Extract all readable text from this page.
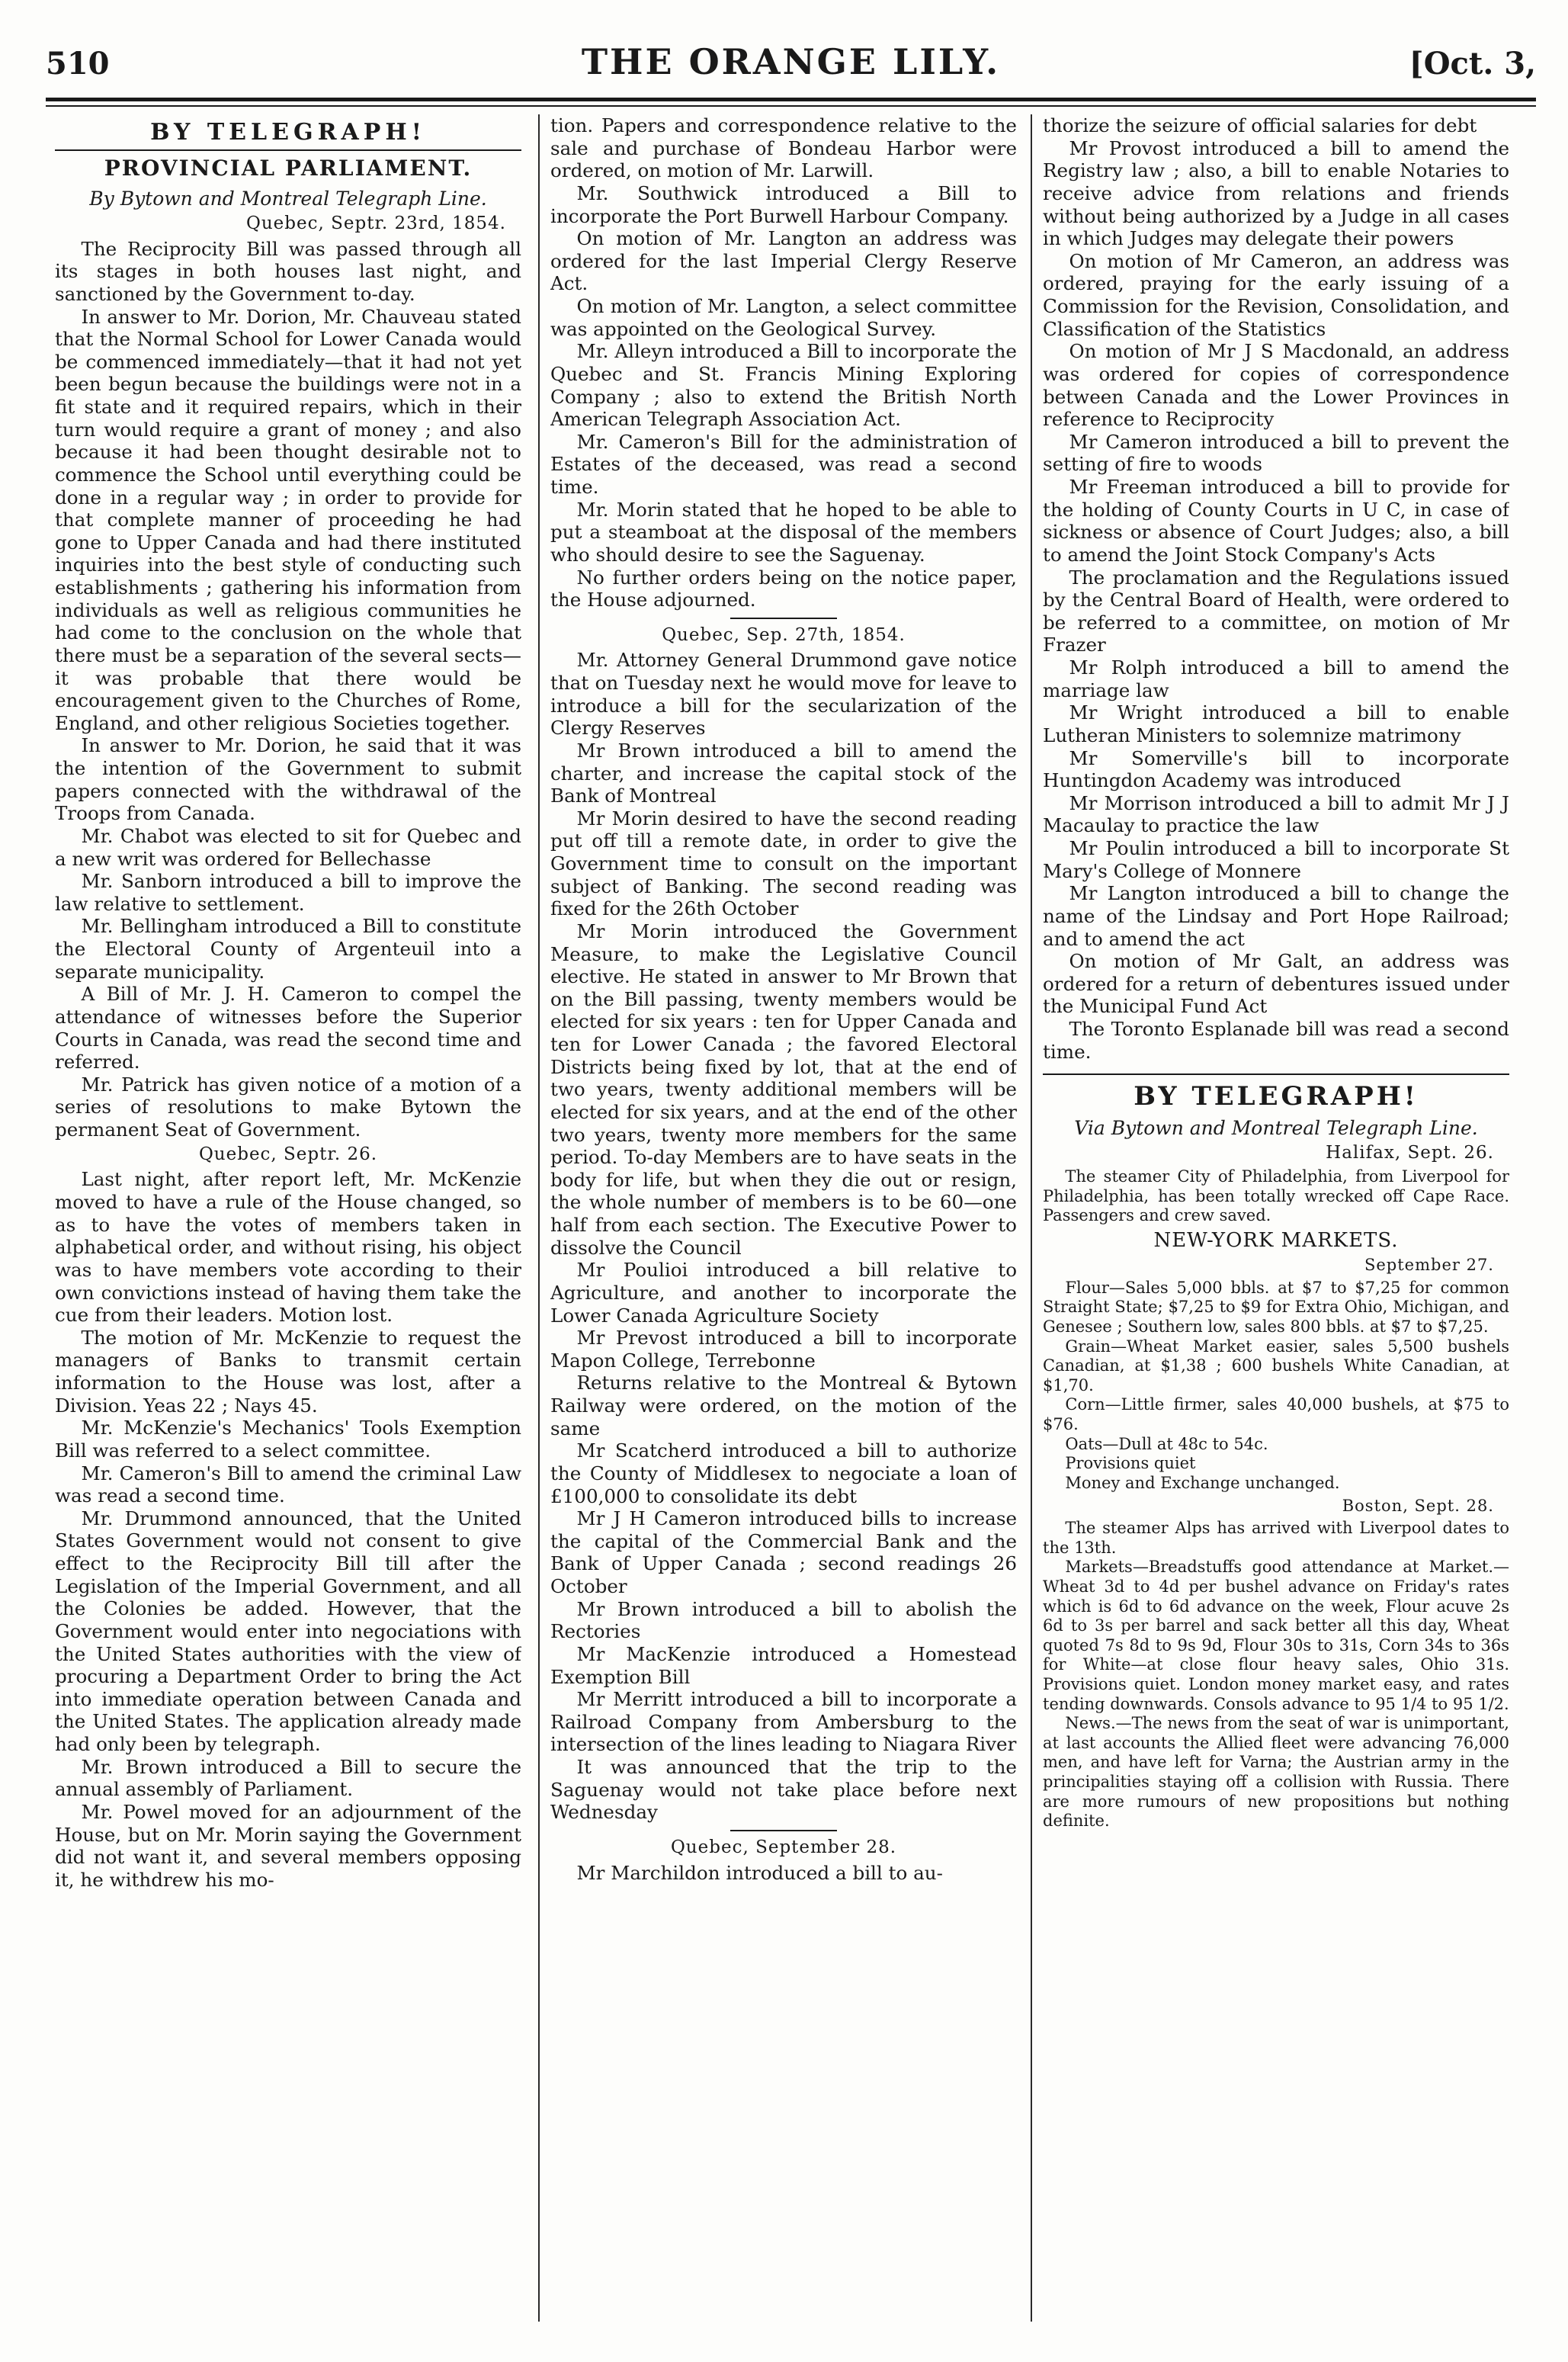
510	THE ORANGE LILY.	[Oct. 3,
BY TELEGRAPH!
PROVINCIAL PARLIAMENT.
By Bytown and Montreal Telegraph Line.
Quebec, Septr. 23rd, 1854.

The Reciprocity Bill was passed through all its stages in both houses last night, and sanctioned by the Government to-day.

In answer to Mr. Dorion, Mr. Chauveau stated that the Normal School for Lower Canada would be commenced immediately—that it had not yet been begun because the buildings were not in a fit state and it required repairs, which in their turn would require a grant of money ; and also because it had been thought desirable not to commence the School until everything could be done in a regular way ; in order to provide for that complete manner of proceeding he had gone to Upper Canada and had there instituted inquiries into the best style of conducting such establishments ; gathering his information from individuals as well as religious communities he had come to the conclusion on the whole that there must be a separation of the several sects—it was probable that there would be encouragement given to the Churches of Rome, England, and other religious Societies together.

In answer to Mr. Dorion, he said that it was the intention of the Government to submit papers connected with the withdrawal of the Troops from Canada.

Mr. Chabot was elected to sit for Quebec and a new writ was ordered for Bellechasse

Mr. Sanborn introduced a bill to improve the law relative to settlement.

Mr. Bellingham introduced a Bill to constitute the Electoral County of Argenteuil into a separate municipality.

A Bill of Mr. J. H. Cameron to compel the attendance of witnesses before the Superior Courts in Canada, was read the second time and referred.

Mr. Patrick has given notice of a motion of a series of resolutions to make Bytown the permanent Seat of Government.

Quebec, Septr. 26.

Last night, after report left, Mr. McKenzie moved to have a rule of the House changed, so as to have the votes of members taken in alphabetical order, and without rising, his object was to have members vote according to their own convictions instead of having them take the cue from their leaders. Motion lost.

The motion of Mr. McKenzie to request the managers of Banks to transmit certain information to the House was lost, after a Division. Yeas 22 ; Nays 45.

Mr. McKenzie's Mechanics' Tools Exemption Bill was referred to a select committee.

Mr. Cameron's Bill to amend the criminal Law was read a second time.

Mr. Drummond announced, that the United States Government would not consent to give effect to the Reciprocity Bill till after the Legislation of the Imperial Government, and all the Colonies be added. However, that the Government would enter into negociations with the United States authorities with the view of procuring a Department Order to bring the Act into immediate operation between Canada and the United States. The application already made had only been by telegraph.

Mr. Brown introduced a Bill to secure the annual assembly of Parliament.

Mr. Powel moved for an adjournment of the House, but on Mr. Morin saying the Government did not want it, and several members opposing it, he withdrew his mo-

tion. Papers and correspondence relative to the sale and purchase of Bondeau Harbor were ordered, on motion of Mr. Larwill.

Mr. Southwick introduced a Bill to incorporate the Port Burwell Harbour Company.

On motion of Mr. Langton an address was ordered for the last Imperial Clergy Reserve Act.

On motion of Mr. Langton, a select committee was appointed on the Geological Survey.

Mr. Alleyn introduced a Bill to incorporate the Quebec and St. Francis Mining Exploring Company ; also to extend the British North American Telegraph Association Act.

Mr. Cameron's Bill for the administration of Estates of the deceased, was read a second time.

Mr. Morin stated that he hoped to be able to put a steamboat at the disposal of the members who should desire to see the Saguenay.

No further orders being on the notice paper, the House adjourned.

Quebec, Sep. 27th, 1854.

Mr. Attorney General Drummond gave notice that on Tuesday next he would move for leave to introduce a bill for the secularization of the Clergy Reserves

Mr Brown introduced a bill to amend the charter, and increase the capital stock of the Bank of Montreal

Mr Morin desired to have the second reading put off till a remote date, in order to give the Government time to consult on the important subject of Banking. The second reading was fixed for the 26th October

Mr Morin introduced the Government Measure, to make the Legislative Council elective. He stated in answer to Mr Brown that on the Bill passing, twenty members would be elected for six years : ten for Upper Canada and ten for Lower Canada ; the favored Electoral Districts being fixed by lot, that at the end of two years, twenty additional members will be elected for six years, and at the end of the other two years, twenty more members for the same period. To-day Members are to have seats in the body for life, but when they die out or resign, the whole number of members is to be 60—one half from each section. The Executive Power to dissolve the Council

Mr Poulioi introduced a bill relative to Agriculture, and another to incorporate the Lower Canada Agriculture Society

Mr Prevost introduced a bill to incorporate Mapon College, Terrebonne

Returns relative to the Montreal & Bytown Railway were ordered, on the motion of the same

Mr Scatcherd introduced a bill to authorize the County of Middlesex to negociate a loan of £100,000 to consolidate its debt

Mr J H Cameron introduced bills to increase the capital of the Commercial Bank and the Bank of Upper Canada ; second readings 26 October

Mr Brown introduced a bill to abolish the Rectories

Mr MacKenzie introduced a Homestead Exemption Bill

Mr Merritt introduced a bill to incorporate a Railroad Company from Ambersburg to the intersection of the lines leading to Niagara River

It was announced that the trip to the Saguenay would not take place before next Wednesday

Quebec, September 28.

Mr Marchildon introduced a bill to au-

thorize the seizure of official salaries for debt

Mr Provost introduced a bill to amend the Registry law ; also, a bill to enable Notaries to receive advice from relations and friends without being authorized by a Judge in all cases in which Judges may delegate their powers

On motion of Mr Cameron, an address was ordered, praying for the early issuing of a Commission for the Revision, Consolidation, and Classification of the Statistics

On motion of Mr J S Macdonald, an address was ordered for copies of correspondence between Canada and the Lower Provinces in reference to Reciprocity

Mr Cameron introduced a bill to prevent the setting of fire to woods

Mr Freeman introduced a bill to provide for the holding of County Courts in U C, in case of sickness or absence of Court Judges; also, a bill to amend the Joint Stock Company's Acts

The proclamation and the Regulations issued by the Central Board of Health, were ordered to be referred to a committee, on motion of Mr Frazer

Mr Rolph introduced a bill to amend the marriage law

Mr Wright introduced a bill to enable Lutheran Ministers to solemnize matrimony

Mr Somerville's bill to incorporate Huntingdon Academy was introduced

Mr Morrison introduced a bill to admit Mr J J Macaulay to practice the law

Mr Poulin introduced a bill to incorporate St Mary's College of Monnere

Mr Langton introduced a bill to change the name of the Lindsay and Port Hope Railroad; and to amend the act

On motion of Mr Galt, an address was ordered for a return of debentures issued under the Municipal Fund Act

The Toronto Esplanade bill was read a second time.

BY TELEGRAPH!
Via Bytown and Montreal Telegraph Line.
Halifax, Sept. 26.

The steamer City of Philadelphia, from Liverpool for Philadelphia, has been totally wrecked off Cape Race. Passengers and crew saved.

NEW-YORK MARKETS.
September 27.

Flour—Sales 5,000 bbls. at $7 to $7,25 for common Straight State; $7,25 to $9 for Extra Ohio, Michigan, and Genesee ; Southern low, sales 800 bbls. at $7 to $7,25.

Grain—Wheat Market easier, sales 5,500 bushels Canadian, at $1,38 ; 600 bushels White Canadian, at $1,70.

Corn—Little firmer, sales 40,000 bushels, at $75 to $76.

Oats—Dull at 48c to 54c.

Provisions quiet

Money and Exchange unchanged.

Boston, Sept. 28.

The steamer Alps has arrived with Liverpool dates to the 13th.

Markets—Breadstuffs good attendance at Market.—Wheat 3d to 4d per bushel advance on Friday's rates which is 6d to 6d advance on the week, Flour acuve 2s 6d to 3s per barrel and sack better all this day, Wheat quoted 7s 8d to 9s 9d, Flour 30s to 31s, Corn 34s to 36s for White—at close flour heavy sales, Ohio 31s. Provisions quiet. London money market easy, and rates tending downwards. Consols advance to 95 1/4 to 95 1/2.

News.—The news from the seat of war is unimportant, at last accounts the Allied fleet were advancing 76,000 men, and have left for Varna; the Austrian army in the principalities staying off a collision with Russia. There are more rumours of new propositions but nothing definite.
